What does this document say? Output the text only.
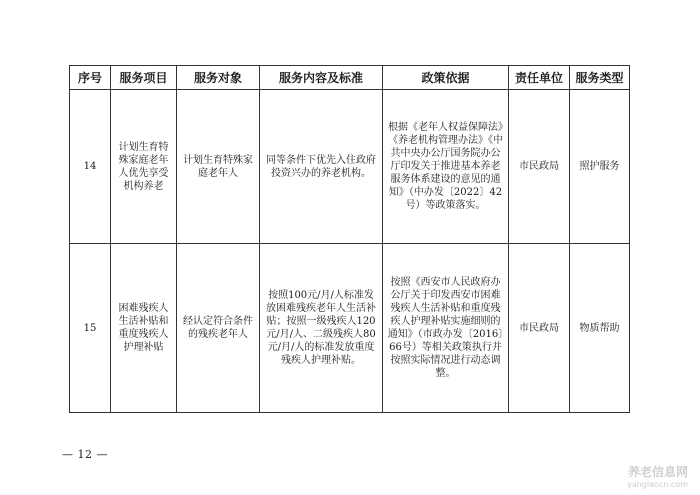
序号	服务项目	服务对象	服务内容及标准	政策依据	责任单位	服务类型
14	计划生育特殊家庭老年人优先享受机构养老	计划生育特殊家庭老年人	同等条件下优先入住政府投资兴办的养老机构。	根据《老年人权益保障法》《养老机构管理办法》《中共中央办公厅国务院办公厅印发关于推进基本养老服务体系建设的意见的通知》（中办发〔2022〕42号）等政策落实。	市民政局	照护服务
15	困难残疾人生活补贴和重度残疾人护理补贴	经认定符合条件的残疾老年人	按照100元/月/人标准发放困难残疾老年人生活补贴；按照一级残疾人120元/月/人、二级残疾人80元/月/人的标准发放重度残疾人护理补贴。	按照《西安市人民政府办公厅关于印发西安市困难残疾人生活补贴和重度残疾人护理补贴实施细则的通知》（市政办发〔2016〕66号）等相关政策执行并按照实际情况进行动态调整。	市民政局	物质帮助
— 12 —
养老信息网
yanglaocn.com
